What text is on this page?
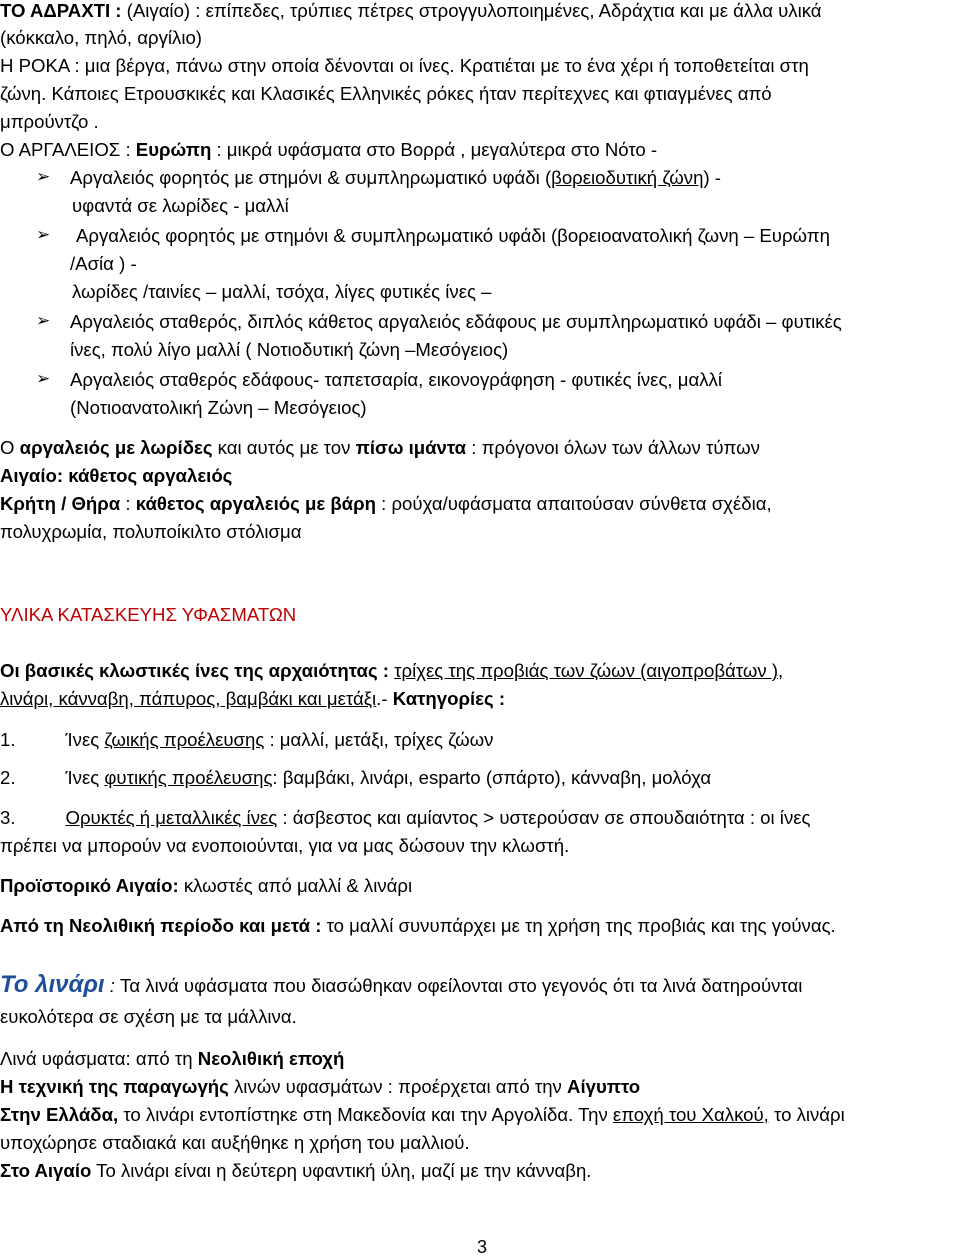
ΤΟ ΑΔΡΑΧΤΙ : (Αιγαίο) : επίπεδες, τρύπιες πέτρες στρογγυλοποιημένες, Αδράχτια και με άλλα υλικά
(κόκκαλο, πηλό, αργίλιο)
Η ΡΟΚΑ : μια βέργα, πάνω στην οποία δένονται οι ίνες. Κρατιέται με το ένα χέρι ή τοποθετείται στη
ζώνη. Κάποιες Ετρουσκικές και Κλασικές Ελληνικές ρόκες ήταν περίτεχνες και φτιαγμένες από
μπρούντζο .
Ο ΑΡΓΑΛΕΙΟΣ : Ευρώπη : μικρά υφάσματα στο Βορρά , μεγαλύτερα στο Νότο -
➢ Αργαλειός φορητός με στημόνι & συμπληρωματικό υφάδι (βορειοδυτική ζώνη) -
υφαντά σε λωρίδες - μαλλί
➢ Αργαλειός φορητός με στημόνι & συμπληρωματικό υφάδι (βορειοανατολική ζωνη – Ευρώπη
/Ασία ) -
λωρίδες /ταινίες – μαλλί, τσόχα, λίγες φυτικές ίνες –
➢ Αργαλειός σταθερός, διπλός κάθετος αργαλειός εδάφους με συμπληρωματικό υφάδι – φυτικές
ίνες, πολύ λίγο μαλλί ( Νοτιοδυτική ζώνη –Μεσόγειος)
➢ Αργαλειός σταθερός εδάφους- ταπετσαρία, εικονογράφηση - φυτικές ίνες, μαλλί
(Νοτιοανατολική Ζώνη – Μεσόγειος)
Ο αργαλειός με λωρίδες και αυτός με τον πίσω ιμάντα : πρόγονοι όλων των άλλων τύπων
Αιγαίο: κάθετος αργαλειός
Κρήτη / Θήρα : κάθετος αργαλειός με βάρη : ρούχα/υφάσματα απαιτούσαν σύνθετα σχέδια,
πολυχρωμία, πολυποίκιλτο στόλισμα
ΥΛΙΚΑ ΚΑΤΑΣΚΕΥΗΣ ΥΦΑΣΜΑΤΩΝ
Οι βασικές κλωστικές ίνες της αρχαιότητας : τρίχες της προβιάς των ζώων (αιγοπροβάτων ),
λινάρι, κάνναβη, πάπυρος, βαμβάκι και μετάξι.- Κατηγορίες :
1.	Ίνες ζωικής προέλευσης : μαλλί, μετάξι, τρίχες ζώων
2.	Ίνες φυτικής προέλευσης: βαμβάκι, λινάρι, esparto (σπάρτο), κάνναβη, μολόχα
3.	Ορυκτές ή μεταλλικές ίνες : άσβεστος και αμίαντος > υστερούσαν σε σπουδαιότητα : οι ίνες
πρέπει να μπορούν να ενοποιούνται, για να μας δώσουν την κλωστή.
Προϊστορικό Αιγαίο: κλωστές από μαλλί & λινάρι
Από τη Νεολιθική περίοδο και μετά : το μαλλί συνυπάρχει με τη χρήση της προβιάς και της γούνας.
Το λινάρι : Τα λινά υφάσματα που διασώθηκαν οφείλονται στο γεγονός ότι τα λινά δατηρούνται
ευκολότερα σε σχέση με τα μάλλινα.
Λινά υφάσματα: από τη Νεολιθική εποχή
Η τεχνική της παραγωγής λινών υφασμάτων : προέρχεται από την Αίγυπτο
Στην Ελλάδα, το λινάρι εντοπίστηκε στη Μακεδονία και την Αργολίδα. Την εποχή του Χαλκού, το λινάρι
υποχώρησε σταδιακά και αυξήθηκε η χρήση του μαλλιού.
Στο Αιγαίο Το λινάρι είναι η δεύτερη υφαντική ύλη, μαζί με την κάνναβη.
3
